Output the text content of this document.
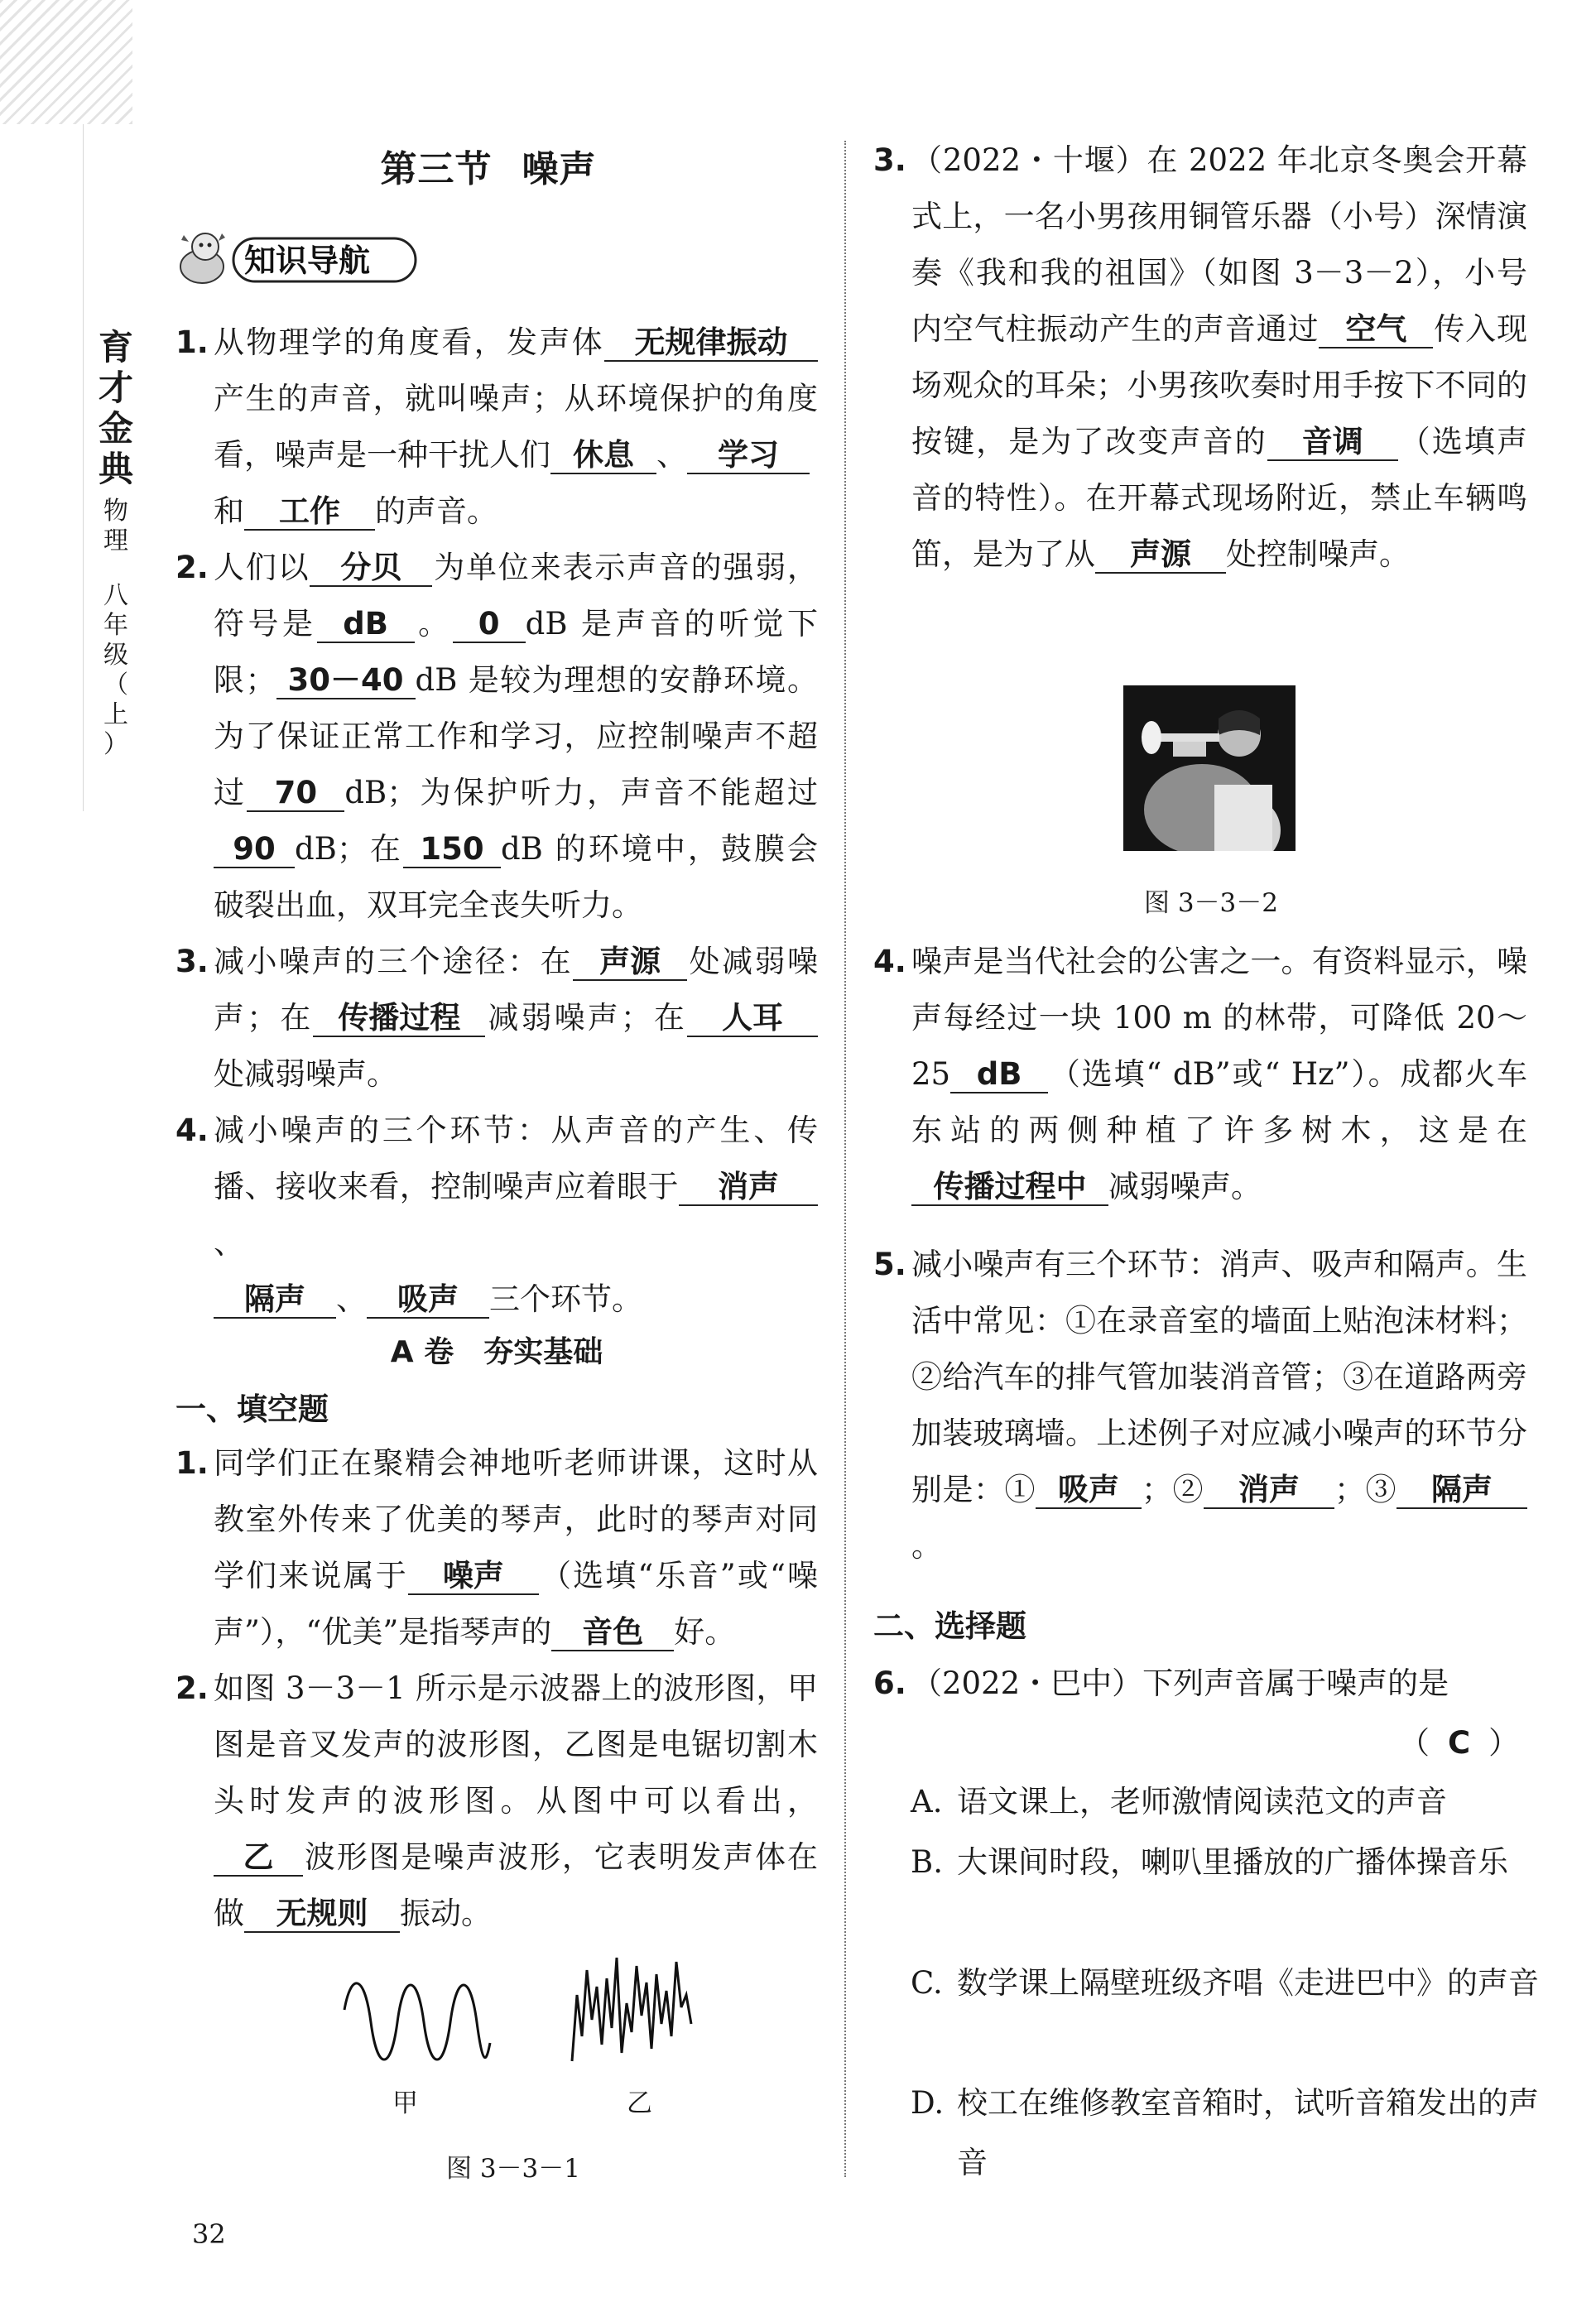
育
才
金
典
物
理
八
年
级
（
上
）
第三节 噪声
知识导航
1. 从物理学的角度看，发声体 无规律振动产生的声音，就叫噪声；从环境保护的角度看，噪声是一种干扰人们 休息 、 学习
和 工作 的声音。
2. 人们以 分贝 为单位来表示声音的强弱，符号是 dB 。 0 dB 是声音的听觉下限； 30－40 dB 是较为理想的安静环境。为了保证正常工作和学习，应控制噪声不超过 70 dB；为保护听力，声音不能超过90 dB；在 150 dB 的环境中，鼓膜会破裂出血，双耳完全丧失听力。
3. 减小噪声的三个途径：在 声源 处减弱噪声；在 传播过程 减弱噪声；在 人耳处减弱噪声。
4. 减小噪声的三个环节：从声音的产生、传播、接收来看，控制噪声应着眼于 消声、
隔声 、 吸声 三个环节。
A 卷　夯实基础
一、填空题
1. 同学们正在聚精会神地听老师讲课，这时从教室外传来了优美的琴声，此时的琴声对同学们来说属于 噪声 （选填“乐音”或“噪声”），“优美”是指琴声的 音色 好。
2. 如图 3－3－1 所示是示波器上的波形图，甲图是音叉发声的波形图，乙图是电锯切割木头时发声的波形图。从图中可以看出，乙 波形图是噪声波形，它表明发声体在做 无规则 振动。
甲	乙
图 3－3－1
3. （2022・十堰）在 2022 年北京冬奥会开幕式上，一名小男孩用铜管乐器（小号）深情演奏《我和我的祖国》（如图 3－3－2），小号内空气柱振动产生的声音通过 空气 传入现场观众的耳朵；小男孩吹奏时用手按下不同的按键，是为了改变声音的 音调 （选填声音的特性）。在开幕式现场附近，禁止车辆鸣笛，是为了从 声源 处控制噪声。
图 3－3－2
4. 噪声是当代社会的公害之一。有资料显示，噪声每经过一块 100 m 的林带，可降低 20～25 dB （选填“ dB”或“ Hz”）。成都火车东站的两侧种植了许多树木，这是在传播过程中 减弱噪声。
5. 减小噪声有三个环节：消声、吸声和隔声。生活中常见：①在录音室的墙面上贴泡沫材料；②给汽车的排气管加装消音管；③在道路两旁加装玻璃墙。上述例子对应减小噪声的环节分别是：① 吸声 ；② 消声 ；③ 隔声。
二、选择题
6. （2022・巴中）下列声音属于噪声的是
（ C ）
A. 语文课上，老师激情阅读范文的声音
B. 大课间时段，喇叭里播放的广播体操音乐
C. 数学课上隔壁班级齐唱《走进巴中》的声音
D. 校工在维修教室音箱时，试听音箱发出的声音
32
